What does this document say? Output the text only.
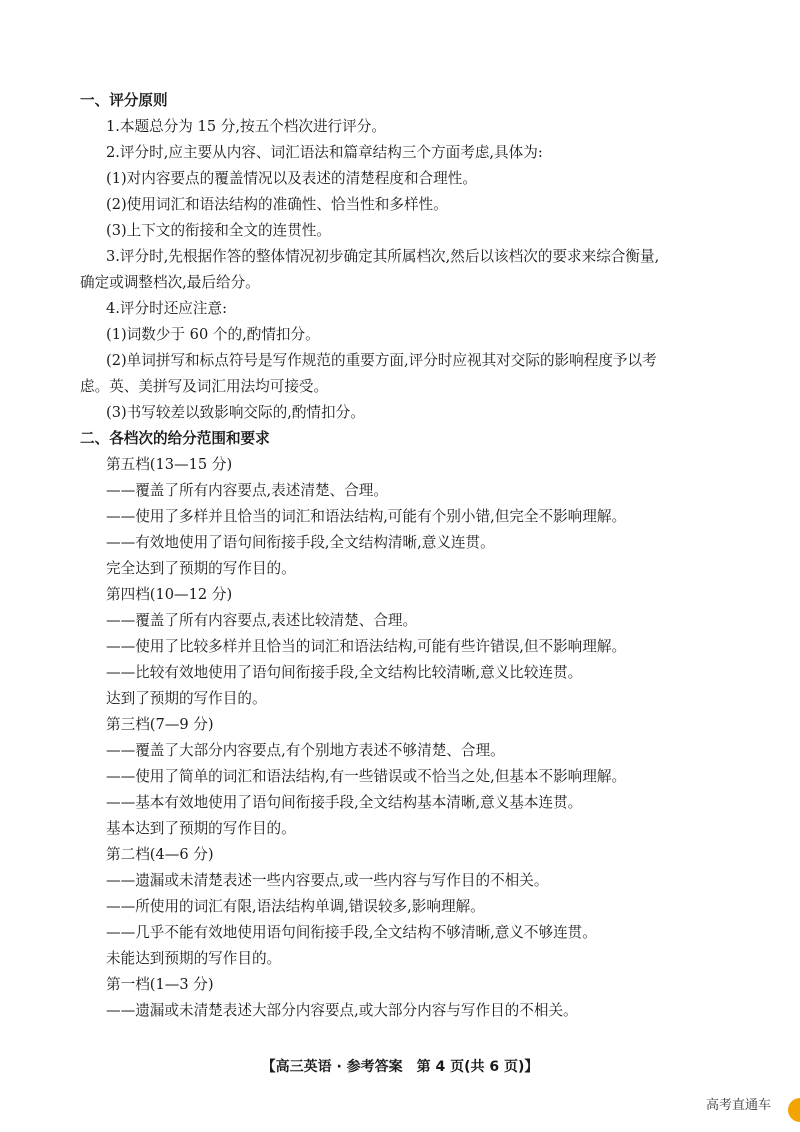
一、评分原则
1.本题总分为 15 分,按五个档次进行评分。
2.评分时,应主要从内容、词汇语法和篇章结构三个方面考虑,具体为:
(1)对内容要点的覆盖情况以及表述的清楚程度和合理性。
(2)使用词汇和语法结构的准确性、恰当性和多样性。
(3)上下文的衔接和全文的连贯性。
3.评分时,先根据作答的整体情况初步确定其所属档次,然后以该档次的要求来综合衡量,
确定或调整档次,最后给分。
4.评分时还应注意:
(1)词数少于 60 个的,酌情扣分。
(2)单词拼写和标点符号是写作规范的重要方面,评分时应视其对交际的影响程度予以考
虑。英、美拼写及词汇用法均可接受。
(3)书写较差以致影响交际的,酌情扣分。
二、各档次的给分范围和要求
第五档(13—15 分)
——覆盖了所有内容要点,表述清楚、合理。
——使用了多样并且恰当的词汇和语法结构,可能有个别小错,但完全不影响理解。
——有效地使用了语句间衔接手段,全文结构清晰,意义连贯。
完全达到了预期的写作目的。
第四档(10—12 分)
——覆盖了所有内容要点,表述比较清楚、合理。
——使用了比较多样并且恰当的词汇和语法结构,可能有些许错误,但不影响理解。
——比较有效地使用了语句间衔接手段,全文结构比较清晰,意义比较连贯。
达到了预期的写作目的。
第三档(7—9 分)
——覆盖了大部分内容要点,有个别地方表述不够清楚、合理。
——使用了简单的词汇和语法结构,有一些错误或不恰当之处,但基本不影响理解。
——基本有效地使用了语句间衔接手段,全文结构基本清晰,意义基本连贯。
基本达到了预期的写作目的。
第二档(4—6 分)
——遗漏或未清楚表述一些内容要点,或一些内容与写作目的不相关。
——所使用的词汇有限,语法结构单调,错误较多,影响理解。
——几乎不能有效地使用语句间衔接手段,全文结构不够清晰,意义不够连贯。
未能达到预期的写作目的。
第一档(1—3 分)
——遗漏或未清楚表述大部分内容要点,或大部分内容与写作目的不相关。
【高三英语 · 参考答案　第 4 页(共 6 页)】
高考直通车
